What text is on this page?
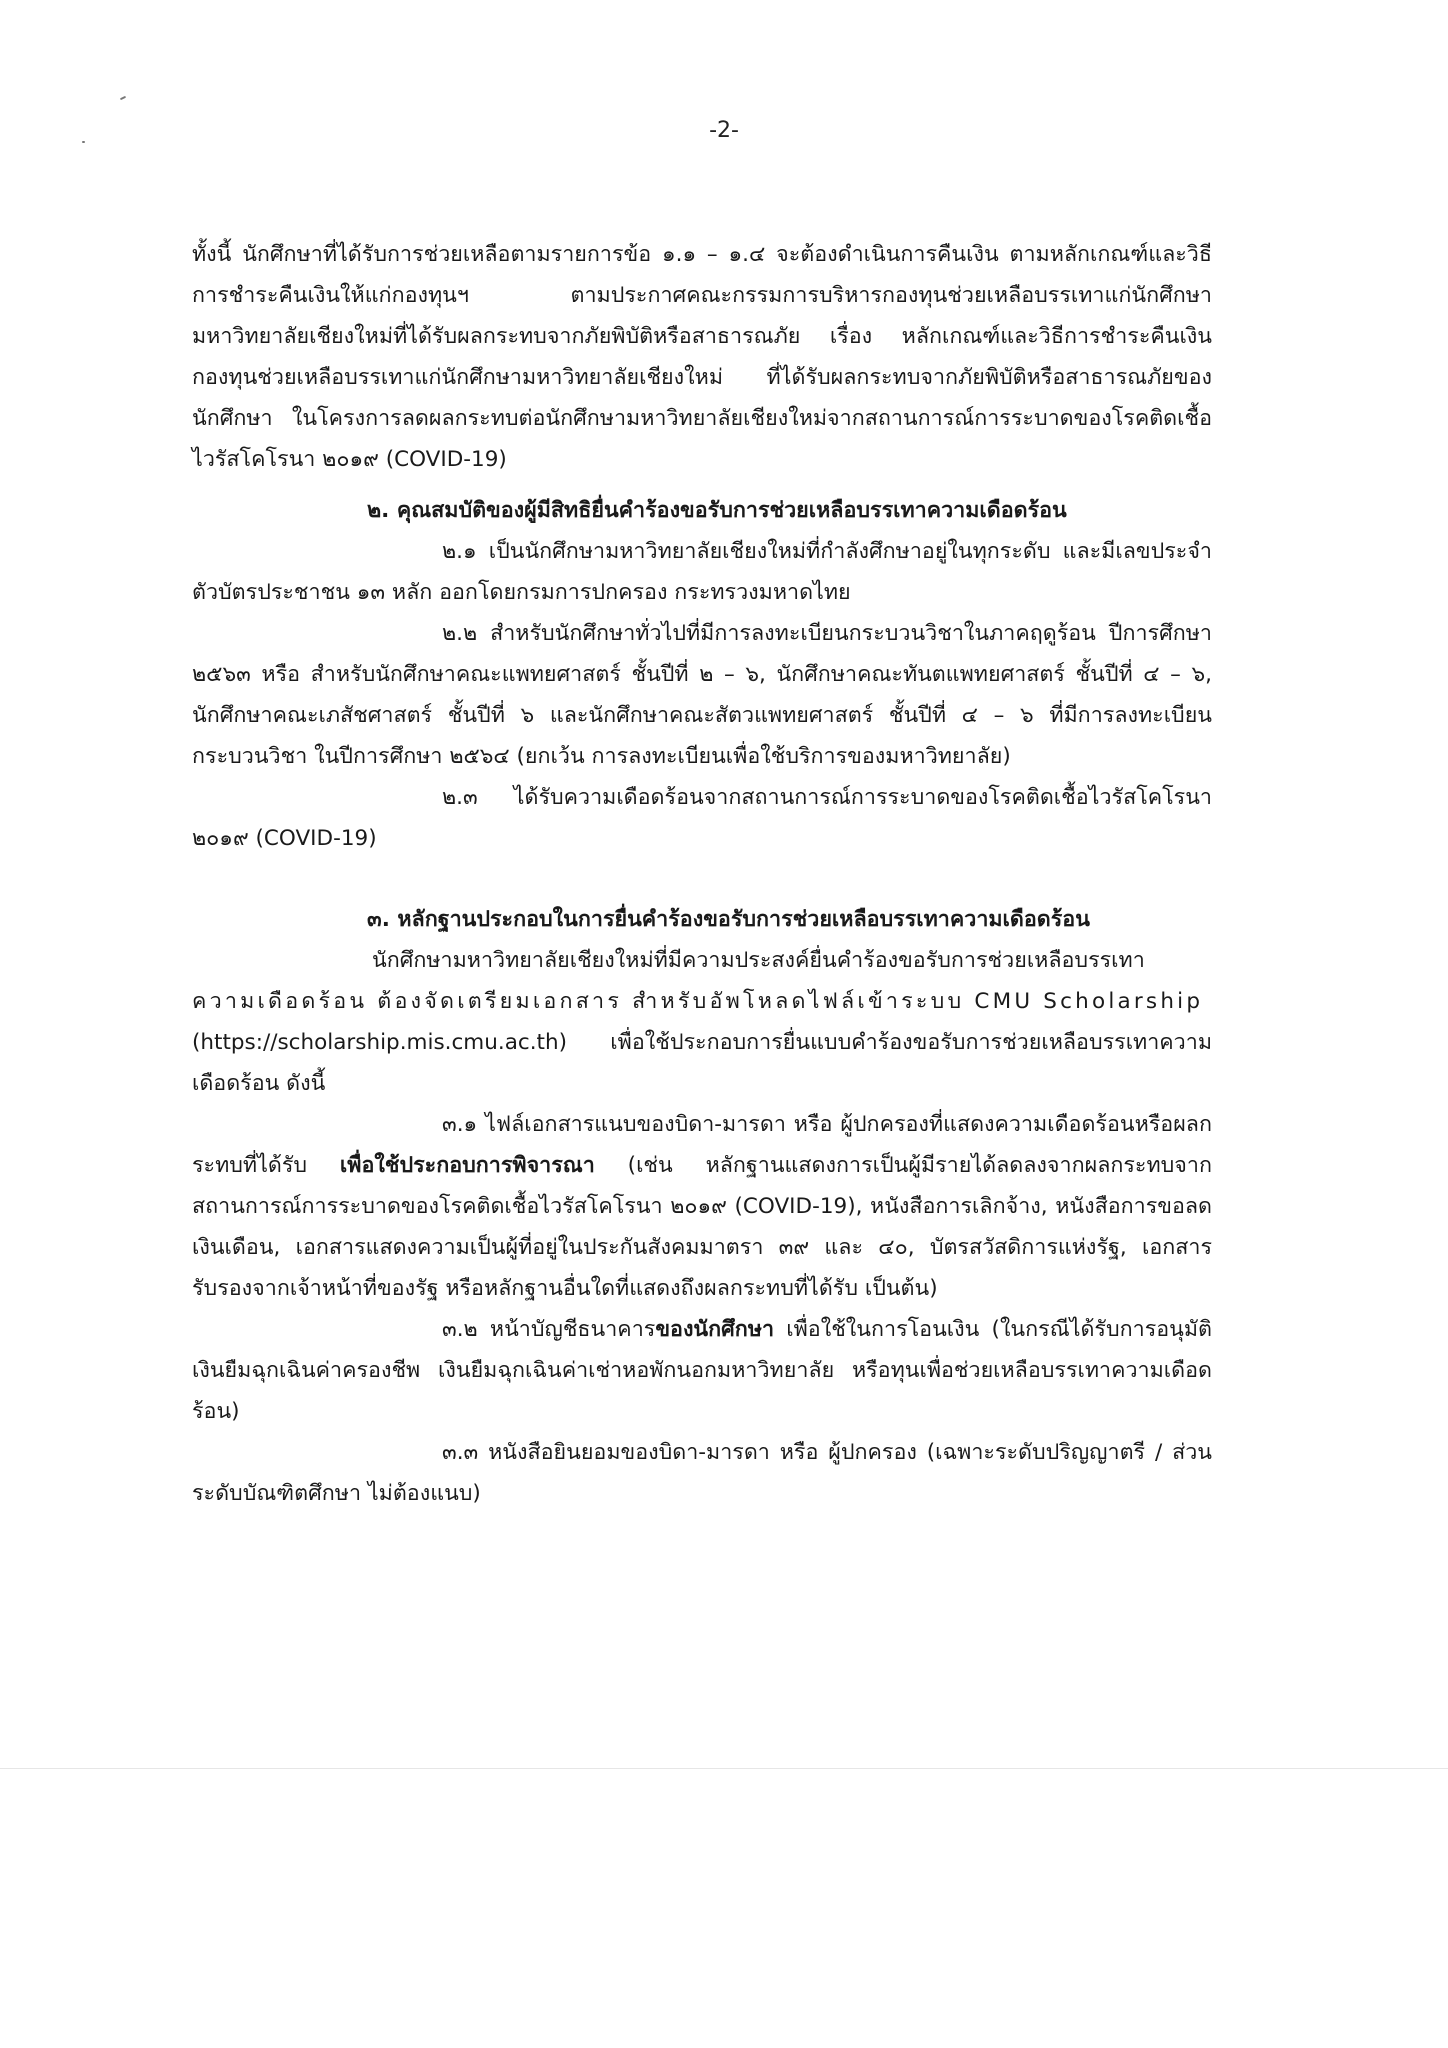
-2-

ทั้งนี้ นักศึกษาที่ได้รับการช่วยเหลือตามรายการข้อ ๑.๑ – ๑.๔ จะต้องดำเนินการคืนเงิน ตามหลักเกณฑ์และวิธีการชำระคืนเงินให้แก่กองทุนฯ ตามประกาศคณะกรรมการบริหารกองทุนช่วยเหลือบรรเทาแก่นักศึกษามหาวิทยาลัยเชียงใหม่ที่ได้รับผลกระทบจากภัยพิบัติหรือสาธารณภัย เรื่อง หลักเกณฑ์และวิธีการชำระคืนเงินกองทุนช่วยเหลือบรรเทาแก่นักศึกษามหาวิทยาลัยเชียงใหม่ ที่ได้รับผลกระทบจากภัยพิบัติหรือสาธารณภัยของนักศึกษา ในโครงการลดผลกระทบต่อนักศึกษามหาวิทยาลัยเชียงใหม่จากสถานการณ์การระบาดของโรคติดเชื้อไวรัสโคโรนา ๒๐๑๙ (COVID-19)

๒. คุณสมบัติของผู้มีสิทธิยื่นคำร้องขอรับการช่วยเหลือบรรเทาความเดือดร้อน

๒.๑ เป็นนักศึกษามหาวิทยาลัยเชียงใหม่ที่กำลังศึกษาอยู่ในทุกระดับ และมีเลขประจำตัวบัตรประชาชน ๑๓ หลัก ออกโดยกรมการปกครอง กระทรวงมหาดไทย

๒.๒ สำหรับนักศึกษาทั่วไปที่มีการลงทะเบียนกระบวนวิชาในภาคฤดูร้อน ปีการศึกษา ๒๕๖๓ หรือ สำหรับนักศึกษาคณะแพทยศาสตร์ ชั้นปีที่ ๒ – ๖, นักศึกษาคณะทันตแพทยศาสตร์ ชั้นปีที่ ๔ – ๖, นักศึกษาคณะเภสัชศาสตร์ ชั้นปีที่ ๖ และนักศึกษาคณะสัตวแพทยศาสตร์ ชั้นปีที่ ๔ – ๖ ที่มีการลงทะเบียนกระบวนวิชา ในปีการศึกษา ๒๕๖๔ (ยกเว้น การลงทะเบียนเพื่อใช้บริการของมหาวิทยาลัย)

๒.๓ ได้รับความเดือดร้อนจากสถานการณ์การระบาดของโรคติดเชื้อไวรัสโคโรนา ๒๐๑๙ (COVID-19)

๓. หลักฐานประกอบในการยื่นคำร้องขอรับการช่วยเหลือบรรเทาความเดือดร้อน

นักศึกษามหาวิทยาลัยเชียงใหม่ที่มีความประสงค์ยื่นคำร้องขอรับการช่วยเหลือบรรเทา

ความเดือดร้อน ต้องจัดเตรียมเอกสาร สำหรับอัพโหลดไฟล์เข้าระบบ CMU Scholarship

(https://scholarship.mis.cmu.ac.th) เพื่อใช้ประกอบการยื่นแบบคำร้องขอรับการช่วยเหลือบรรเทาความเดือดร้อน ดังนี้

๓.๑ ไฟล์เอกสารแนบของบิดา-มารดา หรือ ผู้ปกครองที่แสดงความเดือดร้อนหรือผลกระทบที่ได้รับ เพื่อใช้ประกอบการพิจารณา (เช่น หลักฐานแสดงการเป็นผู้มีรายได้ลดลงจากผลกระทบจากสถานการณ์การระบาดของโรคติดเชื้อไวรัสโคโรนา ๒๐๑๙ (COVID-19), หนังสือการเลิกจ้าง, หนังสือการขอลดเงินเดือน, เอกสารแสดงความเป็นผู้ที่อยู่ในประกันสังคมมาตรา ๓๙ และ ๔๐, บัตรสวัสดิการแห่งรัฐ, เอกสารรับรองจากเจ้าหน้าที่ของรัฐ หรือหลักฐานอื่นใดที่แสดงถึงผลกระทบที่ได้รับ เป็นต้น)

๓.๒ หน้าบัญชีธนาคารของนักศึกษา เพื่อใช้ในการโอนเงิน (ในกรณีได้รับการอนุมัติเงินยืมฉุกเฉินค่าครองชีพ เงินยืมฉุกเฉินค่าเช่าหอพักนอกมหาวิทยาลัย หรือทุนเพื่อช่วยเหลือบรรเทาความเดือดร้อน)

๓.๓ หนังสือยินยอมของบิดา-มารดา หรือ ผู้ปกครอง (เฉพาะระดับปริญญาตรี / ส่วนระดับบัณฑิตศึกษา ไม่ต้องแนบ)
